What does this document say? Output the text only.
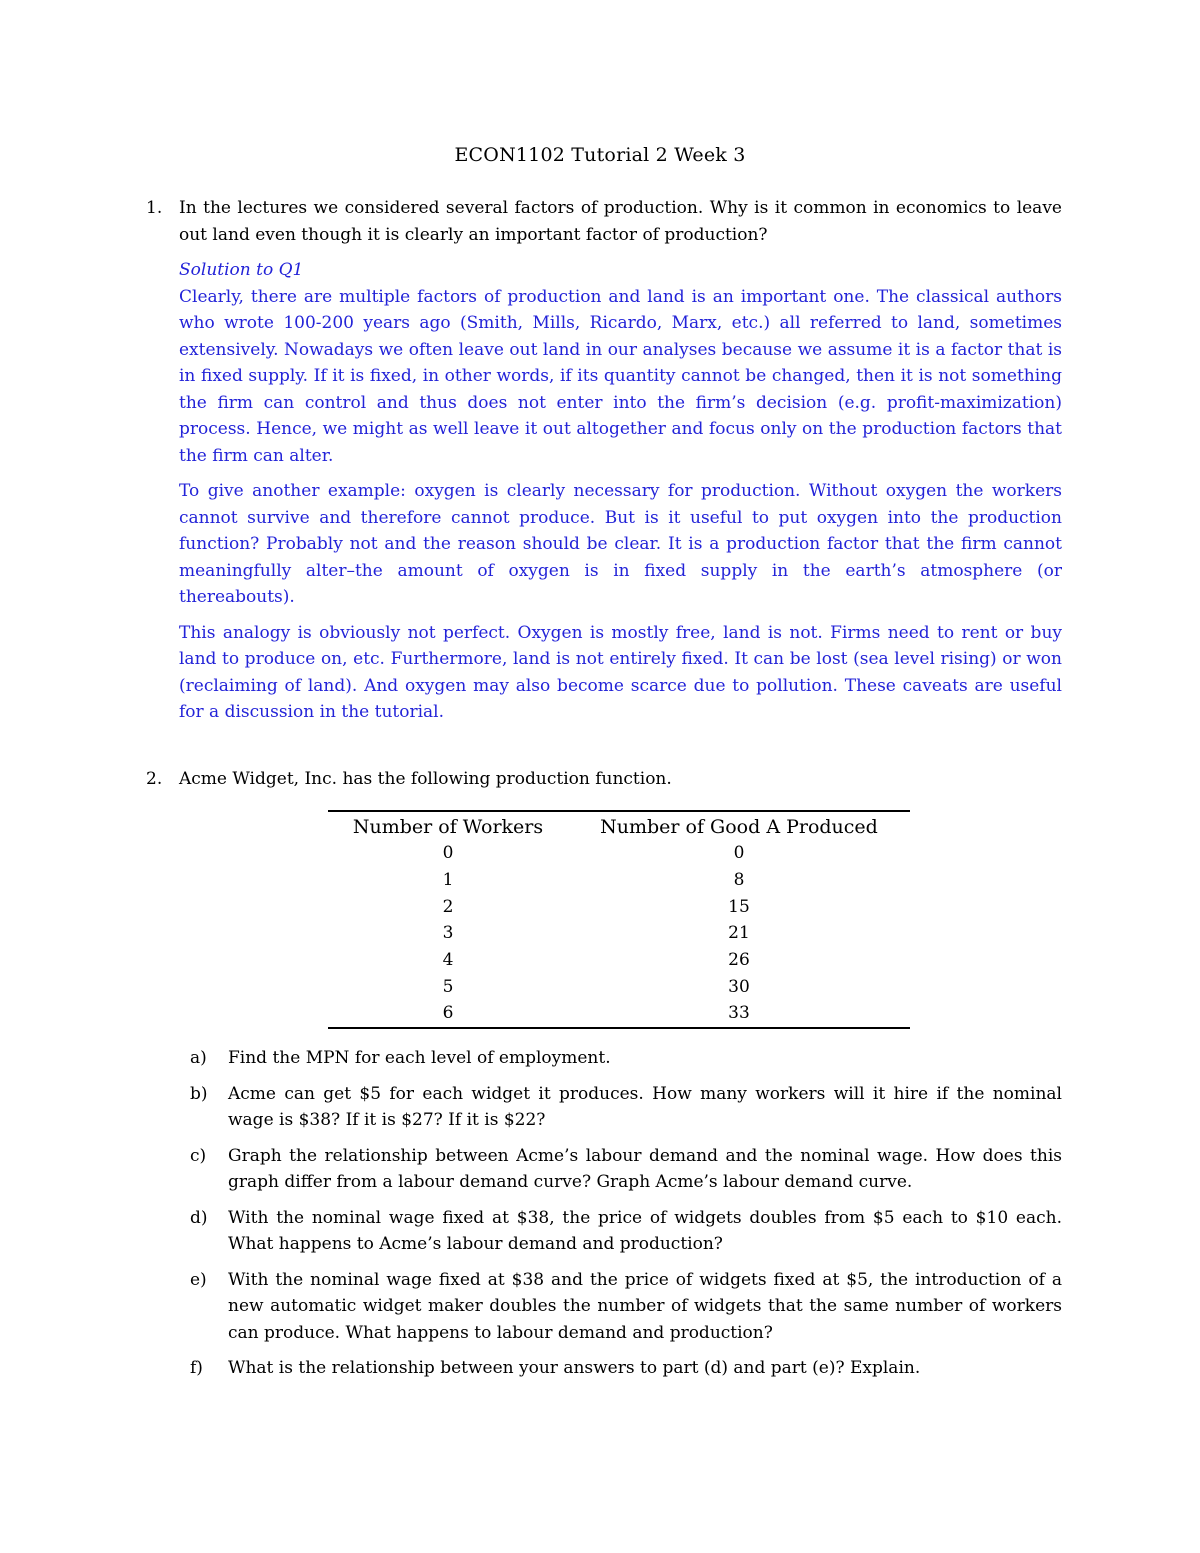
ECON1102 Tutorial 2 Week 3
1. In the lectures we considered several factors of production. Why is it common in economics to leave out land even though it is clearly an important factor of production?

Solution to Q1

Clearly, there are multiple factors of production and land is an important one. The classical authors who wrote 100-200 years ago (Smith, Mills, Ricardo, Marx, etc.) all referred to land, sometimes extensively. Nowadays we often leave out land in our analyses because we assume it is a factor that is in fixed supply. If it is fixed, in other words, if its quantity cannot be changed, then it is not something the firm can control and thus does not enter into the firm’s decision (e.g. profit-maximization) process. Hence, we might as well leave it out altogether and focus only on the production factors that the firm can alter.

To give another example: oxygen is clearly necessary for production. Without oxygen the workers cannot survive and therefore cannot produce. But is it useful to put oxygen into the production function? Probably not and the reason should be clear. It is a production factor that the firm cannot meaningfully alter–the amount of oxygen is in fixed supply in the earth’s atmosphere (or thereabouts).

This analogy is obviously not perfect. Oxygen is mostly free, land is not. Firms need to rent or buy land to produce on, etc. Furthermore, land is not entirely fixed. It can be lost (sea level rising) or won (reclaiming of land). And oxygen may also become scarce due to pollution. These caveats are useful for a discussion in the tutorial.

2. Acme Widget, Inc. has the following production function.
Number of Workers	Number of Good A Produced
0	0
1	8
2	15
3	21
4	26
5	30
6	33
a) Find the MPN for each level of employment.
b) Acme can get $5 for each widget it produces. How many workers will it hire if the nominal wage is $38? If it is $27? If it is $22?
c) Graph the relationship between Acme’s labour demand and the nominal wage. How does this graph differ from a labour demand curve? Graph Acme’s labour demand curve.
d) With the nominal wage fixed at $38, the price of widgets doubles from $5 each to $10 each. What happens to Acme’s labour demand and production?
e) With the nominal wage fixed at $38 and the price of widgets fixed at $5, the introduction of a new automatic widget maker doubles the number of widgets that the same number of workers can produce. What happens to labour demand and production?
f) What is the relationship between your answers to part (d) and part (e)? Explain.
